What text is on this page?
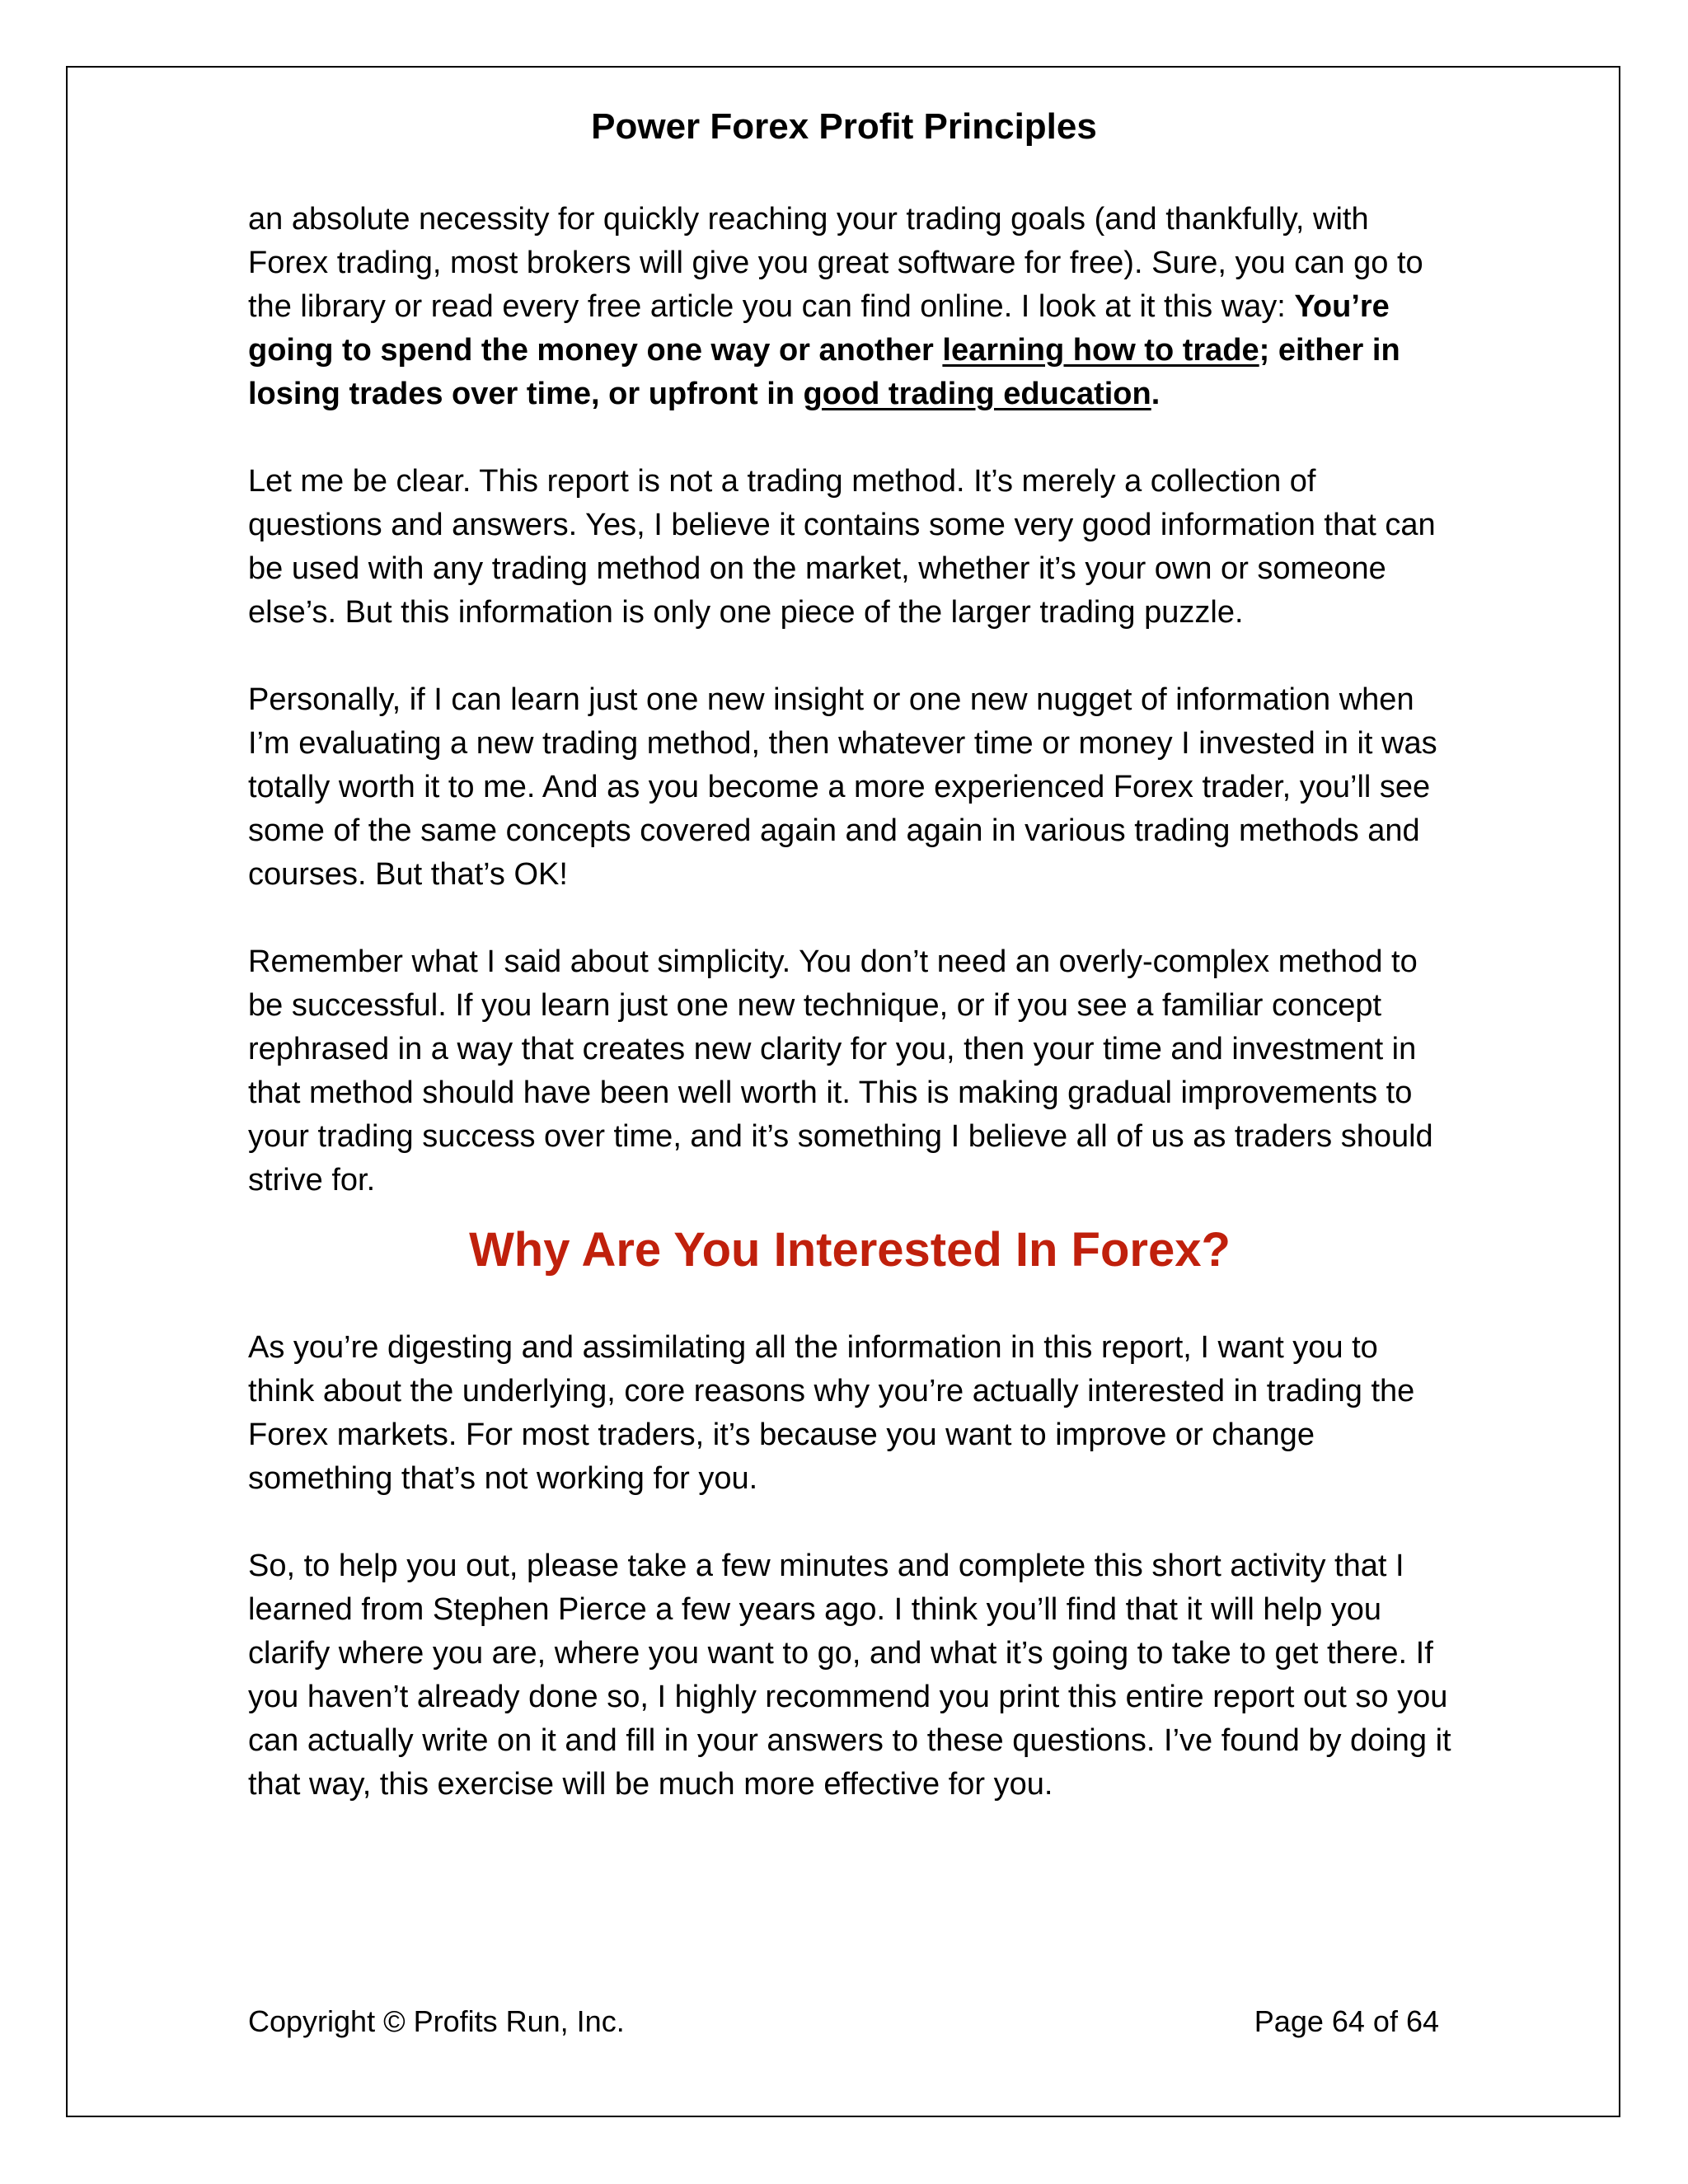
Power Forex Profit Principles

an absolute necessity for quickly reaching your trading goals (and thankfully, with Forex trading, most brokers will give you great software for free). Sure, you can go to the library or read every free article you can find online. I look at it this way: You’re going to spend the money one way or another learning how to trade; either in losing trades over time, or upfront in good trading education.

Let me be clear. This report is not a trading method. It’s merely a collection of questions and answers. Yes, I believe it contains some very good information that can be used with any trading method on the market, whether it’s your own or someone else’s. But this information is only one piece of the larger trading puzzle.

Personally, if I can learn just one new insight or one new nugget of information when I’m evaluating a new trading method, then whatever time or money I invested in it was totally worth it to me. And as you become a more experienced Forex trader, you’ll see some of the same concepts covered again and again in various trading methods and courses. But that’s OK!

Remember what I said about simplicity. You don’t need an overly-complex method to be successful. If you learn just one new technique, or if you see a familiar concept rephrased in a way that creates new clarity for you, then your time and investment in that method should have been well worth it. This is making gradual improvements to your trading success over time, and it’s something I believe all of us as traders should strive for.

Why Are You Interested In Forex?

As you’re digesting and assimilating all the information in this report, I want you to think about the underlying, core reasons why you’re actually interested in trading the Forex markets. For most traders, it’s because you want to improve or change something that’s not working for you.

So, to help you out, please take a few minutes and complete this short activity that I learned from Stephen Pierce a few years ago. I think you’ll find that it will help you clarify where you are, where you want to go, and what it’s going to take to get there. If you haven’t already done so, I highly recommend you print this entire report out so you can actually write on it and fill in your answers to these questions. I’ve found by doing it that way, this exercise will be much more effective for you.

Copyright © Profits Run, Inc.	Page 64 of 64
